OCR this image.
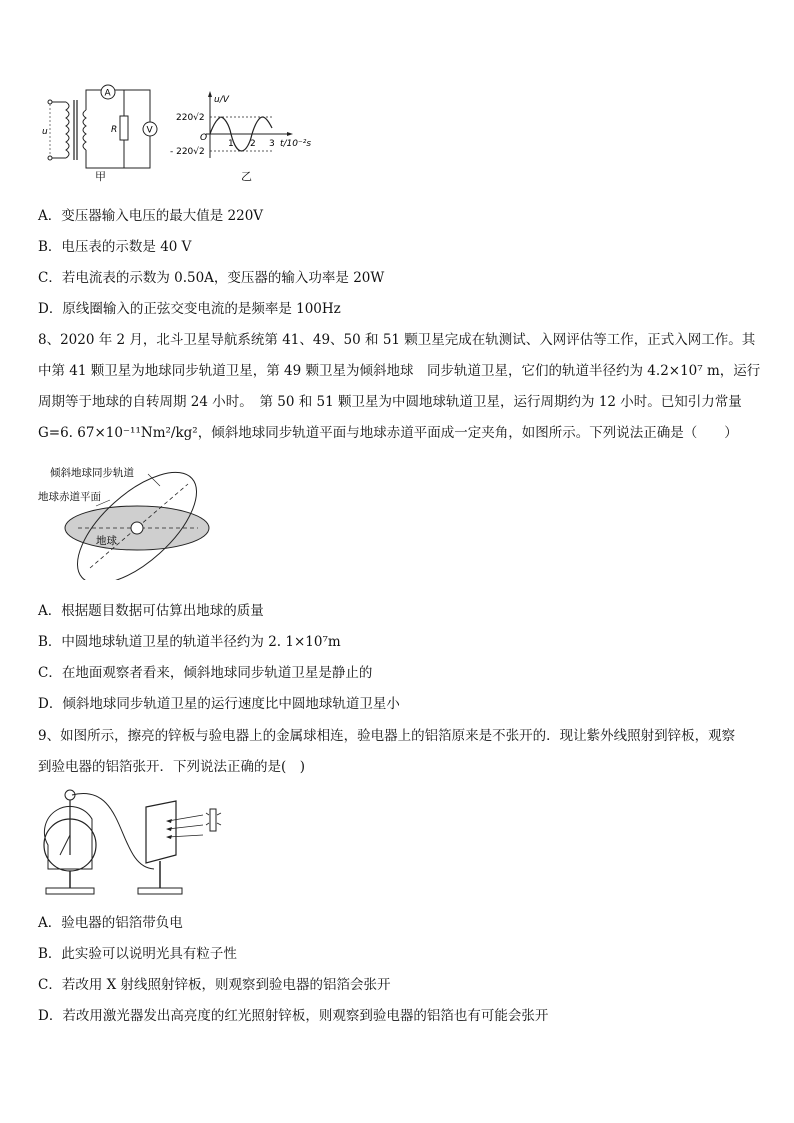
u
A
R	V
甲
u/V
220√2
O
- 220√2
1 2 3 t/10⁻²s
乙
A．变压器输入电压的最大值是 220V
B．电压表的示数是 40 V
C．若电流表的示数为 0.50A，变压器的输入功率是 20W
D．原线圈输入的正弦交变电流的是频率是 100Hz
8、2020 年 2 月，北斗卫星导航系统第 41、49、50 和 51 颗卫星完成在轨测试、入网评估等工作，正式入网工作。其
中第 41 颗卫星为地球同步轨道卫星，第 49 颗卫星为倾斜地球　同步轨道卫星，它们的轨道半径约为 4.2×10⁷ m，运行
周期等于地球的自转周期 24 小时。　第 50 和 51 颗卫星为中圆地球轨道卫星，运行周期约为 12 小时。已知引力常量
G=6. 67×10⁻¹¹Nm²/kg²，倾斜地球同步轨道平面与地球赤道平面成一定夹角，如图所示。下列说法正确是（　　）
倾斜地球同步轨道
地球赤道平面
地球
A．根据题目数据可估算出地球的质量
B．中圆地球轨道卫星的轨道半径约为 2. 1×10⁷m
C．在地面观察者看来，倾斜地球同步轨道卫星是静止的
D．倾斜地球同步轨道卫星的运行速度比中圆地球轨道卫星小
9、如图所示，擦亮的锌板与验电器上的金属球相连，验电器上的铝箔原来是不张开的．现让紫外线照射到锌板，观察
到验电器的铝箔张开．下列说法正确的是(　)
A．验电器的铝箔带负电
B．此实验可以说明光具有粒子性
C．若改用 X 射线照射锌板，则观察到验电器的铝箔会张开
D．若改用激光器发出高亮度的红光照射锌板，则观察到验电器的铝箔也有可能会张开
